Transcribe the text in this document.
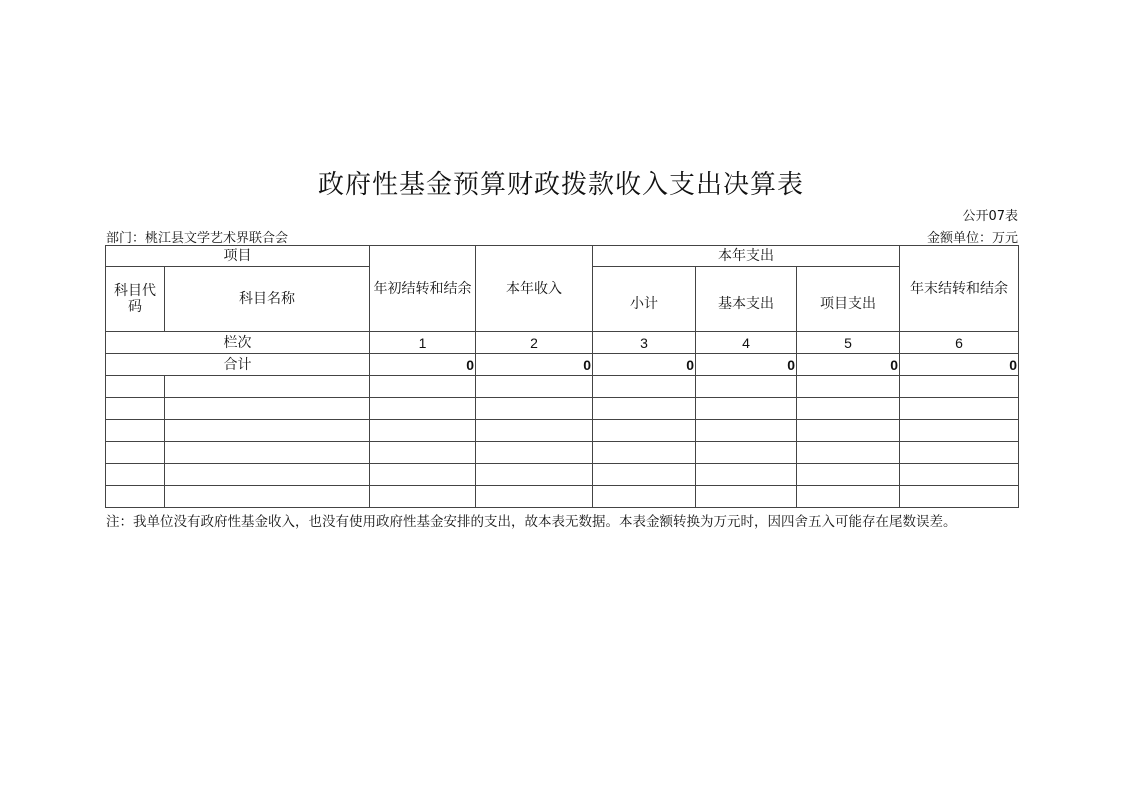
政府性基金预算财政拨款收入支出决算表
公开07表
部门：桃江县文学艺术界联合会	金额单位：万元
项目		年初结转和结余	本年收入	本年支出			年末结转和结余
科目代码	科目名称			小计	基本支出	项目支出	
栏次		1	2	3	4	5	6
合计		0	0	0	0	0	0

注：我单位没有政府性基金收入，也没有使用政府性基金安排的支出，故本表无数据。本表金额转换为万元时，因四舍五入可能存在尾数误差。
